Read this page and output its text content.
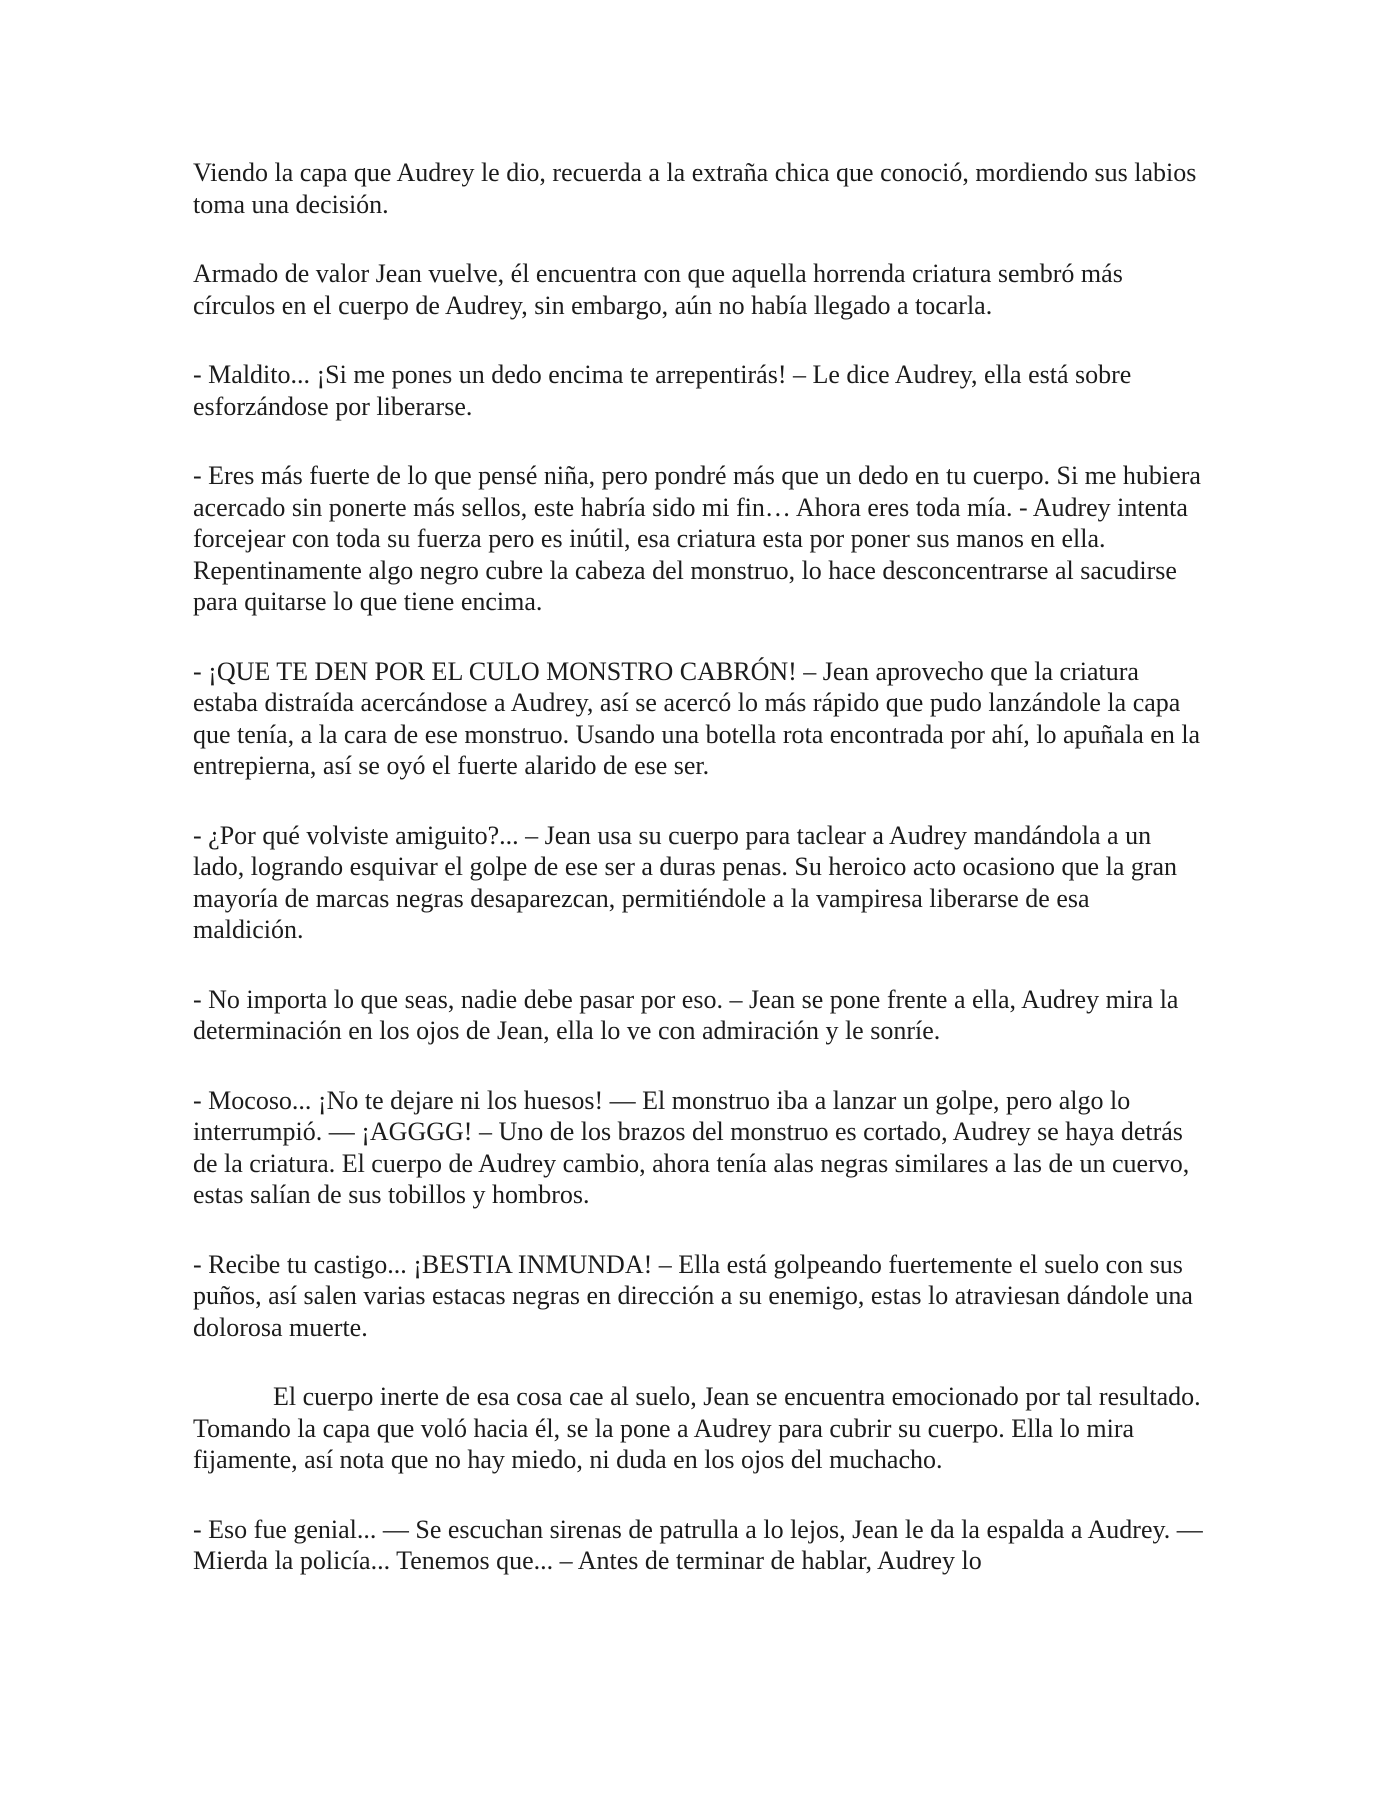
Viendo la capa que Audrey le dio, recuerda a la extraña chica que conoció, mordiendo sus labios toma una decisión.

Armado de valor Jean vuelve, él encuentra con que aquella horrenda criatura sembró más círculos en el cuerpo de Audrey, sin embargo, aún no había llegado a tocarla.

- Maldito... ¡Si me pones un dedo encima te arrepentirás! – Le dice Audrey, ella está sobre esforzándose por liberarse.

- Eres más fuerte de lo que pensé niña, pero pondré más que un dedo en tu cuerpo. Si me hubiera acercado sin ponerte más sellos, este habría sido mi fin… Ahora eres toda mía. - Audrey intenta forcejear con toda su fuerza pero es inútil, esa criatura esta por poner sus manos en ella. Repentinamente algo negro cubre la cabeza del monstruo, lo hace desconcentrarse al sacudirse para quitarse lo que tiene encima.

- ¡QUE TE DEN POR EL CULO MONSTRO CABRÓN! – Jean aprovecho que la criatura estaba distraída acercándose a Audrey, así se acercó lo más rápido que pudo lanzándole la capa que tenía, a la cara de ese monstruo. Usando una botella rota encontrada por ahí, lo apuñala en la entrepierna, así se oyó el fuerte alarido de ese ser.

- ¿Por qué volviste amiguito?... – Jean usa su cuerpo para taclear a Audrey mandándola a un lado, logrando esquivar el golpe de ese ser a duras penas. Su heroico acto ocasiono que la gran mayoría de marcas negras desaparezcan, permitiéndole a la vampiresa liberarse de esa maldición.

- No importa lo que seas, nadie debe pasar por eso. – Jean se pone frente a ella, Audrey mira la determinación en los ojos de Jean, ella lo ve con admiración y le sonríe.

- Mocoso... ¡No te dejare ni los huesos! — El monstruo iba a lanzar un golpe, pero algo lo interrumpió. — ¡AGGGG! – Uno de los brazos del monstruo es cortado, Audrey se haya detrás de la criatura. El cuerpo de Audrey cambio, ahora tenía alas negras similares a las de un cuervo, estas salían de sus tobillos y hombros.

- Recibe tu castigo... ¡BESTIA INMUNDA! – Ella está golpeando fuertemente el suelo con sus puños, así salen varias estacas negras en dirección a su enemigo, estas lo atraviesan dándole una dolorosa muerte.

El cuerpo inerte de esa cosa cae al suelo, Jean se encuentra emocionado por tal resultado. Tomando la capa que voló hacia él, se la pone a Audrey para cubrir su cuerpo. Ella lo mira fijamente, así nota que no hay miedo, ni duda en los ojos del muchacho.

- Eso fue genial... — Se escuchan sirenas de patrulla a lo lejos, Jean le da la espalda a Audrey. — Mierda la policía... Tenemos que... – Antes de terminar de hablar, Audrey lo
